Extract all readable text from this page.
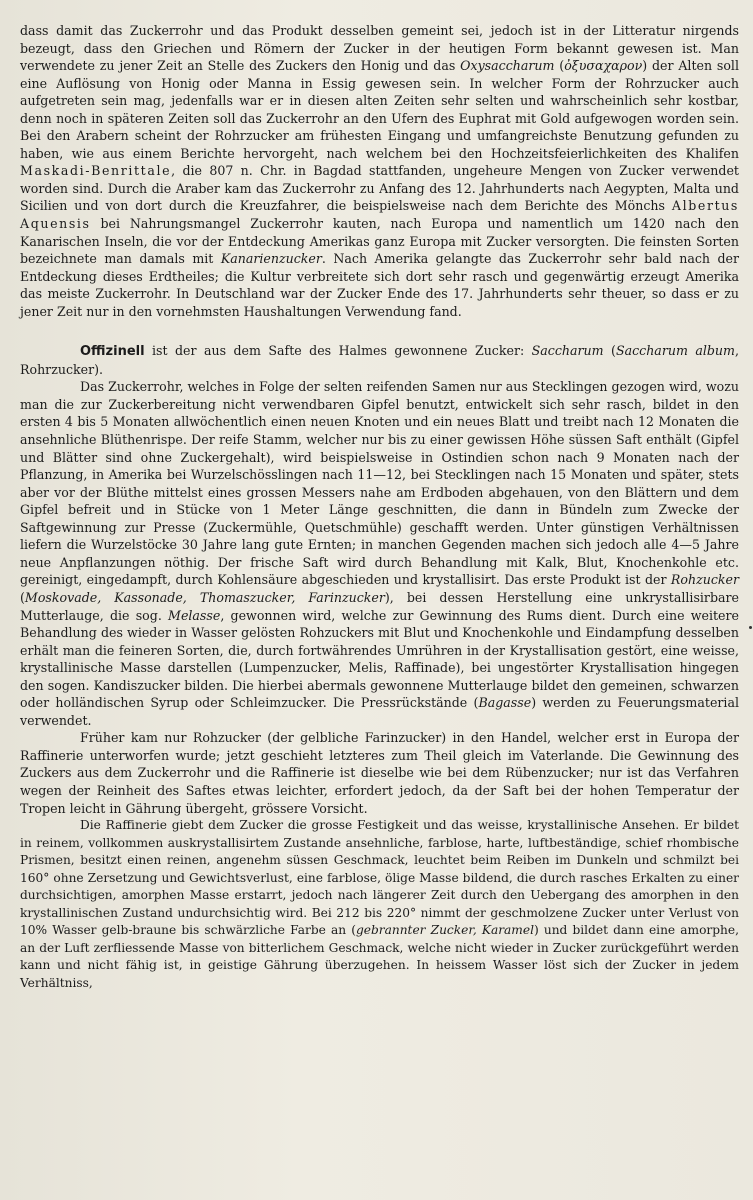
dass damit das Zuckerrohr und das Produkt desselben gemeint sei, jedoch ist in der Litteratur nirgends bezeugt, dass den Griechen und Römern der Zucker in der heutigen Form bekannt gewesen ist. Man verwendete zu jener Zeit an Stelle des Zuckers den Honig und das Oxysaccharum (ὀξυσαχαρον) der Alten soll eine Auflösung von Honig oder Manna in Essig gewesen sein. In welcher Form der Rohrzucker auch aufgetreten sein mag, jedenfalls war er in diesen alten Zeiten sehr selten und wahrscheinlich sehr kostbar, denn noch in späteren Zeiten soll das Zuckerrohr an den Ufern des Euphrat mit Gold aufgewogen worden sein. Bei den Arabern scheint der Rohrzucker am frühesten Eingang und umfangreichste Benutzung gefunden zu haben, wie aus einem Berichte hervorgeht, nach welchem bei den Hochzeitsfeierlichkeiten des Khalifen Maskadi-Benrittale, die 807 n. Chr. in Bagdad stattfanden, ungeheure Mengen von Zucker verwendet worden sind. Durch die Araber kam das Zuckerrohr zu Anfang des 12. Jahrhunderts nach Aegypten, Malta und Sicilien und von dort durch die Kreuzfahrer, die beispielsweise nach dem Berichte des Mönchs Albertus Aquensis bei Nahrungsmangel Zuckerrohr kauten, nach Europa und namentlich um 1420 nach den Kanarischen Inseln, die vor der Entdeckung Amerikas ganz Europa mit Zucker versorgten. Die feinsten Sorten bezeichnete man damals mit Kanarienzucker. Nach Amerika gelangte das Zuckerrohr sehr bald nach der Entdeckung dieses Erdtheiles; die Kultur verbreitete sich dort sehr rasch und gegenwärtig erzeugt Amerika das meiste Zuckerrohr. In Deutschland war der Zucker Ende des 17. Jahrhunderts sehr theuer, so dass er zu jener Zeit nur in den vornehmsten Haushaltungen Verwendung fand.

Offizinell ist der aus dem Safte des Halmes gewonnene Zucker: Saccharum (Saccharum album, Rohrzucker).

Das Zuckerrohr, welches in Folge der selten reifenden Samen nur aus Stecklingen gezogen wird, wozu man die zur Zuckerbereitung nicht verwendbaren Gipfel benutzt, entwickelt sich sehr rasch, bildet in den ersten 4 bis 5 Monaten allwöchentlich einen neuen Knoten und ein neues Blatt und treibt nach 12 Monaten die ansehnliche Blüthenrispe. Der reife Stamm, welcher nur bis zu einer gewissen Höhe süssen Saft enthält (Gipfel und Blätter sind ohne Zuckergehalt), wird beispielsweise in Ostindien schon nach 9 Monaten nach der Pflanzung, in Amerika bei Wurzelschösslingen nach 11—12, bei Stecklingen nach 15 Monaten und später, stets aber vor der Blüthe mittelst eines grossen Messers nahe am Erdboden abgehauen, von den Blättern und dem Gipfel befreit und in Stücke von 1 Meter Länge geschnitten, die dann in Bündeln zum Zwecke der Saftgewinnung zur Presse (Zuckermühle, Quetschmühle) geschafft werden. Unter günstigen Verhältnissen liefern die Wurzelstöcke 30 Jahre lang gute Ernten; in manchen Gegenden machen sich jedoch alle 4—5 Jahre neue Anpflanzungen nöthig. Der frische Saft wird durch Behandlung mit Kalk, Blut, Knochenkohle etc. gereinigt, eingedampft, durch Kohlensäure abgeschieden und krystallisirt. Das erste Produkt ist der Rohzucker (Moskovade, Kassonade, Thomaszucker, Farinzucker), bei dessen Herstellung eine unkrystallisirbare Mutterlauge, die sog. Melasse, gewonnen wird, welche zur Gewinnung des Rums dient. Durch eine weitere Behandlung des wieder in Wasser gelösten Rohzuckers mit Blut und Knochenkohle und Eindampfung desselben erhält man die feineren Sorten, die, durch fortwährendes Umrühren in der Krystallisation gestört, eine weisse, krystallinische Masse darstellen (Lumpenzucker, Melis, Raffinade), bei ungestörter Krystallisation hingegen den sogen. Kandiszucker bilden. Die hierbei abermals gewonnene Mutterlauge bildet den gemeinen, schwarzen oder holländischen Syrup oder Schleimzucker. Die Pressrückstände (Bagasse) werden zu Feuerungsmaterial verwendet.

Früher kam nur Rohzucker (der gelbliche Farinzucker) in den Handel, welcher erst in Europa der Raffinerie unterworfen wurde; jetzt geschieht letzteres zum Theil gleich im Vaterlande. Die Gewinnung des Zuckers aus dem Zuckerrohr und die Raffinerie ist dieselbe wie bei dem Rübenzucker; nur ist das Verfahren wegen der Reinheit des Saftes etwas leichter, erfordert jedoch, da der Saft bei der hohen Temperatur der Tropen leicht in Gährung übergeht, grössere Vorsicht.

Die Raffinerie giebt dem Zucker die grosse Festigkeit und das weisse, krystallinische Ansehen. Er bildet in reinem, vollkommen auskrystallisirtem Zustande ansehnliche, farblose, harte, luftbeständige, schief rhombische Prismen, besitzt einen reinen, angenehm süssen Geschmack, leuchtet beim Reiben im Dunkeln und schmilzt bei 160° ohne Zersetzung und Gewichtsverlust, eine farblose, ölige Masse bildend, die durch rasches Erkalten zu einer durchsichtigen, amorphen Masse erstarrt, jedoch nach längerer Zeit durch den Uebergang des amorphen in den krystallinischen Zustand undurchsichtig wird. Bei 212 bis 220° nimmt der geschmolzene Zucker unter Verlust von 10% Wasser gelb-braune bis schwärzliche Farbe an (gebrannter Zucker, Karamel) und bildet dann eine amorphe, an der Luft zerfliessende Masse von bitterlichem Geschmack, welche nicht wieder in Zucker zurückgeführt werden kann und nicht fähig ist, in geistige Gährung überzugehen. In heissem Wasser löst sich der Zucker in jedem Verhältniss,
